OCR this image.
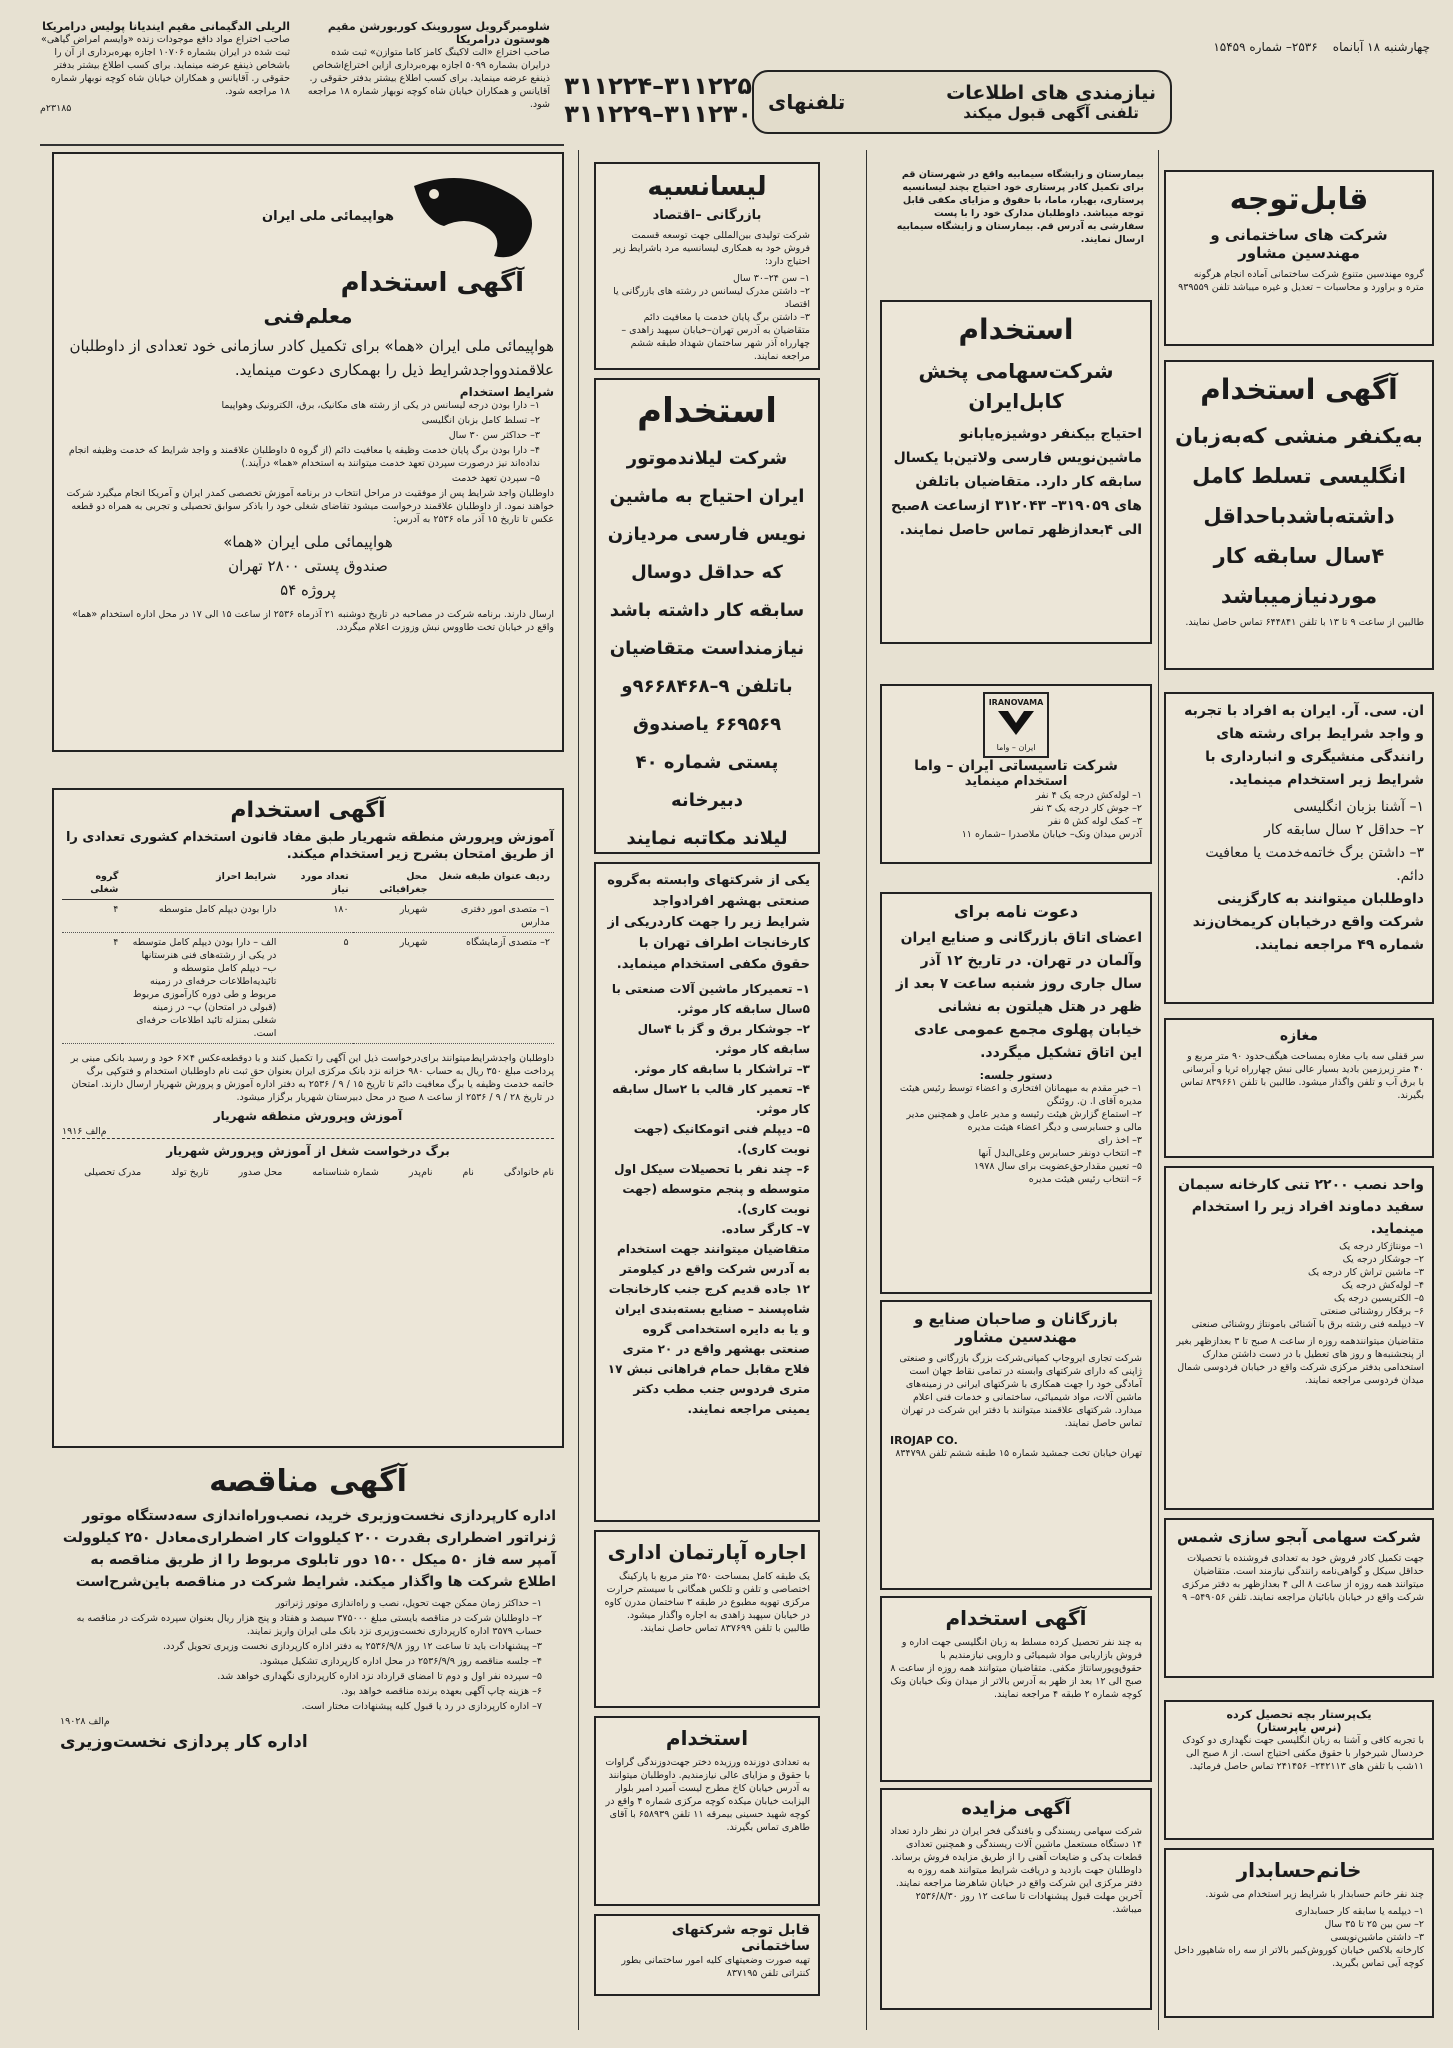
چهارشنبه ۱۸ آبانماه ۲۵۳۶– شماره ۱۵۴۵۹
نیازمندی های اطلاعات
تلفنی آگهی قبول میکند
تلفنهای
۳۱۱۲۲۵–۳۱۱۲۲۴
۳۱۱۲۳۰–۳۱۱۲۲۹
شلومبرگرویل سوروینک کوربورشن مقیم هوستون درامریکا

صاحب اختراع «الت لاکینگ کامز کاما متوازن» ثبت شده درایران بشماره ۵۰۹۹ اجازه بهره‌برداری ازاین اختراع‌اشخاص ذینفع عرضه مینماید. برای کسب اطلاع بیشتر بدفتر حقوقی ر. آقایانس و همکاران خیابان شاه کوچه نوبهار شماره ۱۸ مراجعه شود.

الریلی الدگیمانی مقیم ایندیانا پولیس درامریکا

صاحب اختراع مواد دافع موجودات زنده «وایسم امراض گیاهی» ثبت شده در ایران بشماره ۱۰۷۰۶ اجازه بهره‌برداری از آن را باشخاص ذینفع عرضه مینماید. برای کسب اطلاع بیشتر بدفتر حقوقی ر. آقایانس و همکاران خیابان شاه کوچه نوبهار شماره ۱۸ مراجعه شود.

۲۳۱۸۵م
هواپیمائی ملی ایران
آگهی استخدام
معلم‌فنی

هواپیمائی ملی ایران «هما» برای تکمیل کادر سازمانی خود تعدادی از داوطلبان علاقمندوواجدشرایط ذیل را بهمکاری دعوت مینماید.

شرایط استخدام
۱– دارا بودن درجه لیسانس در یکی از رشته های مکانیک، برق، الکترونیک وهوا‌پیما
۲– تسلط کامل بزبان انگلیسی
۳– حداکثر سن ۳۰ سال
۴– دارا بودن برگ پایان خدمت وظیفه یا معافیت دائم (از گروه ۵ داوطلبان علاقمند و واجد شرایط که خدمت وظیفه انجام نداده‌اند نیز درصورت سپردن تعهد خدمت میتوانند به استخدام «هما» درآیند.)
۵– سپردن تعهد خدمت

داوطلبان واجد شرایط پس از موفقیت در مراحل انتخاب در برنامه آموزش تخصصی کمدر ایران و آمریکا انجام میگیرد شرکت خواهند نمود. از داوطلبان علاقمند درخواست میشود تقاضای شغلی خود را باذکر سوابق تحصیلی و تجربی به همراه دو قطعه عکس تا تاریخ ۱۵ آذر ماه ۲۵۳۶ به آدرس:

هواپیمائی ملی ایران «هما»
صندوق پستی ۲۸۰۰ تهران
پروژه ۵۴

ارسال دارند. برنامه شرکت در مصاحبه در تاریخ دوشنبه ۲۱ آذرماه ۲۵۳۶ از ساعت ۱۵ الی ۱۷ در محل اداره استخدام «هما» واقع در خیابان تخت طاووس نبش وزوزت اعلام میگردد.

آگهی استخدام

آموزش وپرورش منطقه شهریار طبق مفاد قانون استخدام کشوری تعدادی را از طریق امتحان بشرح زیر استخدام میکند.

ردیف عنوان طبقه شغل	محل جغرافیائی	تعداد مورد نیاز	شرایط احراز	گروه شغلی
۱– متصدی امور دفتری مدارس	شهریار	۱۸۰	دارا بودن دیپلم کامل متوسطه	۴
۲– متصدی آزمایشگاه	شهریار	۵	الف – دارا بودن دیپلم کامل متوسطه در یکی از رشته‌های فنی هنرستانها ب– دیپلم کامل متوسطه و تائیدیه‌اطلاعات حرفه‌ای در زمینه مربوط و طی دوره کارآموزی مربوط (قبولی در امتحان) پ– در زمینه شغلی بمنزله تائید اطلاعات حرفه‌ای است.	۴

داوطلبان واجدشرایط‌میتوانند برای‌درخواست ذیل این آگهی را تکمیل کنند و با دوقطعه‌عکس ۴×۶ خود و رسید بانکی مبنی بر پرداخت مبلغ ۳۵۰ ریال به حساب ۹۸۰ خزانه نزد بانک مرکزی ایران بعنوان حق ثبت نام داوطلبان استخدام و فتوکپی برگ خاتمه خدمت وظیفه یا برگ معافیت دائم تا تاریخ ۱۵ / ۹ / ۲۵۳۶ به دفتر اداره آموزش و پرورش شهریار ارسال دارند. امتحان در تاریخ ۲۸ / ۹ / ۲۵۳۶ از ساعت ۸ صبح در محل دبیرستان شهریار برگزار میشود.

آموزش وپرورش منطقه شهریار
م‌الف ۱۹۱۶
برگ درخواست شغل از آموزش وپرورش شهریار
نام خانوادگی
نام
نام‌پدر
شماره شناسنامه
محل صدور
تاریخ تولد
مدرک تحصیلی
آگهی مناقصه

اداره کارپردازی نخست‌وزیری خرید، نصب‌وراه‌اندازی سه‌دستگاه موتور ژنراتور اضطراری بقدرت ۲۰۰ کیلووات کار اضطراری‌معادل ۲۵۰ کیلوولت آمپر سه فاز ۵۰ میکل ۱۵۰۰ دور تابلوی مربوط را از طریق مناقصه به اطلاع شرکت ها واگذار میکند. شرایط شرکت در مناقصه باین‌شرح‌است

۱– حداکثر زمان ممکن جهت تحویل، نصب و راه‌اندازی موتور ژنراتور
۲– داوطلبان شرکت در مناقصه بایستی مبلغ ۳۷۵۰۰۰ سیصد و هفتاد و پنج هزار ریال بعنوان سپرده شرکت در مناقصه به حساب ۳۵۷۹ اداره کارپردازی نخست‌وزیری نزد بانک ملی ایران واریز نمایند.
۳– پیشنهادات باید تا ساعت ۱۲ روز ۲۵۳۶/۹/۸ به دفتر اداره کارپردازی نخست وزیری تحویل گردد.
۴– جلسه مناقصه روز ۲۵۳۶/۹/۹ در محل اداره کارپردازی تشکیل میشود.
۵– سپرده نفر اول و دوم تا امضای قرارداد نزد اداره کارپردازی نگهداری خواهد شد.
۶– هزینه چاپ آگهی بعهده برنده مناقصه خواهد بود.
۷– اداره کارپردازی در رد یا قبول کلیه پیشنهادات مختار است.
م‌الف ۱۹۰۲۸
اداره کار پردازی نخست‌وزیری
لیسانسیه
بازرگانی –اقتصاد

شرکت تولیدی بین‌المللی جهت توسعه قسمت فروش خود به همکاری لیسانسیه مرد باشرایط زیر احتیاج دارد:

۱– سن ۲۴–۳۰ سال
۲– داشتن مدرک لیسانس در رشته های بازرگانی یا اقتصاد
۳– داشتن برگ پایان خدمت یا معافیت دائم

متقاضیان به آدرس تهران–خیابان سپهبد زاهدی – چهارراه آذر شهر ساختمان شهداد طبقه ششم مراجعه نمایند.

استخدام
شرکت لیلاندموتور
ایران احتیاج به ماشین
نویس فارسی مردیازن
که حداقل دوسال
سابقه کار داشته باشد
نیازمنداست متقاضیان
باتلفن ۹–۹۶۶۸۴۶۸و
۶۶۹۵۶۹ یاصندوق
پستی شماره ۴۰ دبیرخانه
لیلاند مکاتبه نمایند

یکی از شرکتهای وابسته به‌گروه صنعتی بهشهر افرادواجد شرایط زیر را جهت کاردریکی از کارخانجات اطراف تهران با حقوق مکفی استخدام مینماید.

۱– تعمیرکار ماشین آلات صنعتی با ۵سال سابقه کار موثر.
۲– جوشکار برق و گز با ۴سال سابقه کار موثر.
۳– تراشکار با سابقه کار موثر.
۴– تعمیر کار قالب با ۲سال سابقه کار موثر.
۵– دیپلم فنی اتومکانیک (جهت نوبت کاری).
۶– چند نفر با تحصیلات سیکل اول متوسطه و پنجم متوسطه (جهت نوبت کاری).
۷– کارگر ساده.

متقاضیان میتوانند جهت استخدام به آدرس شرکت واقع در کیلومتر ۱۲ جاده قدیم کرج جنب کارخانجات شاه‌پسند – صنایع بسته‌بندی ایران و یا به دایره استخدامی گروه صنعتی بهشهر واقع در ۲۰ متری فلاح مقابل حمام فراهانی نبش ۱۷ متری فردوس جنب مطب دکتر یمینی مراجعه نمایند.

اجاره آپارتمان اداری

یک طبقه کامل بمساحت ۲۵۰ متر مربع با پارکینگ اختصاصی و تلفن و تلکس همگانی با سیستم حرارت مرکزی تهویه مطبوع در طبقه ۳ ساختمان مدرن کاوه در خیابان سپهبد زاهدی به اجاره واگذار میشود. طالبین با تلفن ۸۳۷۶۹۹ تماس حاصل نمایند.

استخدام

به تعدادی دوزنده ورزیده دختر جهت‌دوزندگی گراوات با حقوق و مزایای عالی نیازمندیم. داوطلبان میتوانند به آدرس خیابان کاخ مطرح لیست آمیرد امیر بلوار الیزابت خیابان میکده کوچه مرکزی شماره ۴ واقع در کوچه شهید حسینی بیمرقه ۱۱ تلفن ۶۵۸۹۳۹ با آقای طاهری تماس بگیرند.

قابل توجه شرکتهای ساختمانی

تهیه صورت وضعیتهای کلیه امور ساختمانی بطور کنتراتی تلفن ۸۳۷۱۹۵

بیمارستان و زایشگاه سیمابیه واقع در شهرستان قم برای تکمیل کادر پرستاری خود احتیاج بچند لیسانسیه پرستاری، بهیار، ماما، با حقوق و مزایای مکفی قابل توجه میباشد. داوطلبان مدارک خود را با پست سفارشی به آدرس قم. بیمارستان و زایشگاه سیمابیه ارسال نمایند.

استخدام
شرکت‌سهامی پخش کابل‌ایران

احتیاج بیکنفر دوشیزه‌یابانو ماشین‌نویس فارسی ولاتین‌با یکسال سابقه کار دارد. متقاضیان باتلفن های ۳۱۹۰۵۹– ۳۱۲۰۴۳ ازساعت ۸صبح الی ۴بعدازظهر تماس حاصل نمایند.

IRANOVAMA
ایران – واما
شرکت تاسیساتی ایران – واما
استخدام مینماید
۱– لوله‌کش درجه یک ۴ نفر
۲– جوش کار درجه یک ۳ نفر
۳– کمک لوله کش ۵ نفر
آدرس میدان ونک– خیابان ملاصدرا –شماره ۱۱
دعوت نامه برای

اعضای اتاق بازرگانی و صنایع ایران وآلمان در تهران. در تاریخ ۱۲ آذر سال جاری روز شنبه ساعت ۷ بعد از ظهر در هتل هیلتون به نشانی خیابان پهلوی مجمع عمومی عادی این اتاق تشکیل میگردد.

دستور جلسه:
۱– خیر مقدم به میهمانان افتخاری و اعضاء توسط رئیس هیئت مدیره آقای ا. ن. روئنگن
۲– استماع گزارش هیئت رئیسه و مدیر عامل و همچنین مدیر مالی و حسابرسی و دیگر اعضاء هیئت مدیره
۳– اخذ رای
۴– انتخاب دونفر حسابرس وعلی‌البدل آنها
۵– تعیین مقدارحق‌عضویت برای سال ۱۹۷۸
۶– انتخاب رئیس هیئت مدیره
بازرگانان و صاحبان صنایع و مهندسین مشاور

شرکت تجاری ایروجاپ کمپانی‌شرکت بزرگ بازرگانی و صنعتی ژاپنی که دارای شرکتهای وابسته در تمامی نقاط جهان است آمادگی خود را جهت همکاری با شرکتهای ایرانی در زمینه‌های ماشین آلات، مواد شیمیائی، ساختمانی و خدمات فنی اعلام میدارد. شرکتهای علاقمند میتوانند با دفتر این شرکت در تهران تماس حاصل نمایند.

IROJAP CO.
تهران خیابان تخت جمشید شماره ۱۵ طبقه ششم تلفن ۸۳۴۷۹۸
آگهی استخدام

به چند نفر تحصیل کرده مسلط به زبان انگلیسی جهت اداره و فروش بازاریابی مواد شیمیائی و دارویی نیازمندیم با حقوق‌وپورسانتاژ مکفی. متقاضیان میتوانند همه روزه از ساعت ۸ صبح الی ۱۲ بعد از ظهر به آدرس بالاتر از میدان ونک خیابان ونک کوچه شماره ۲ طبقه ۴ مراجعه نمایند.

آگهی مزایده

شرکت سهامی ریسندگی و بافندگی فخر ایران در نظر دارد تعداد ۱۴ دستگاه مستعمل ماشین آلات ریسندگی و همچنین تعدادی قطعات یدکی و ضایعات آهنی را از طریق مزایده فروش برساند. داوطلبان جهت بازدید و دریافت شرایط میتوانند همه روزه به دفتر مرکزی این شرکت واقع در خیابان شاهرضا مراجعه نمایند. آخرین مهلت قبول پیشنهادات تا ساعت ۱۲ روز ۲۵۳۶/۸/۳۰ میباشد.

قابل‌توجه
شرکت های ساختمانی و مهندسین مشاور

گروه مهندسین متنوع شرکت ساختمانی آماده انجام هرگونه متره و براورد و محاسبات – تعدیل و غیره میباشد تلفن ۹۳۹۵۵۹

آگهی استخدام
به‌یکنفر منشی که‌به‌زبان
انگلیسی تسلط کامل
داشته‌باشدباحداقل
۴سال سابقه کار
موردنیازمیباشد

طالبین از ساعت ۹ تا ۱۳ با تلفن ۶۴۴۸۴۱ تماس حاصل نمایند.

ان. سی. آر. ایران به افراد با تجربه و واجد شرایط برای رشته های رانندگی منشیگری و انبارداری با شرایط زیر استخدام مینماید.

۱– آشنا بزبان انگلیسی
۲– حداقل ۲ سال سابقه کار
۳– داشتن برگ خاتمه‌خدمت یا معافیت دائم.

داوطلبان میتوانند به کارگزینی شرکت واقع درخیابان کریمخان‌زند شماره ۴۹ مراجعه نمایند.

مغازه

سر قفلی سه باب مغازه بمساحت هیگف‌حدود ۹۰ متر مربع و ۴۰ متر زیرزمین بادید بسیار عالی نبش چهارراه ثریا و آبرسانی با برق آب و تلفن واگذار میشود. طالبین با تلفن ۸۳۹۶۶۱ تماس بگیرند.

واحد نصب ۲۲۰۰ تنی کارخانه سیمان سفید دماوند افراد زیر را استخدام مینماید.
۱– مونتاژکار درجه یک
۲– جوشکار درجه یک
۳– ماشین تراش کار درجه یک
۴– لوله‌کش درجه یک
۵– الکتریسین درجه یک
۶– برقکار روشنائی صنعتی
۷– دیپلمه فنی رشته برق با آشنائی بامونتاژ روشنائی صنعتی

متقاضیان میتوانندهمه روزه از ساعت ۸ صبح تا ۳ بعدازظهر بغیر از پنجشنبه‌ها و روز های تعطیل با در دست داشتن مدارک استخدامی بدفتر مرکزی شرکت واقع در خیابان فردوسی شمال میدان فردوسی مراجعه نمایند.

شرکت سهامی آبجو سازی شمس

جهت تکمیل کادر فروش خود به تعدادی فروشنده با تحصیلات حداقل سیکل و گواهی‌نامه رانندگی نیازمند است. متقاضیان میتوانند همه روزه از ساعت ۸ الی ۴ بعدازظهر به دفتر مرکزی شرکت واقع در خیابان بابائیان مراجعه نمایند. تلفن ۵۴۹۰۵۶– ۹

یک‌پرستار بچه تحصیل کرده
(نرس یاپرستار)

با تجربه کافی و آشنا به زبان انگلیسی جهت نگهداری دو کودک خردسال شیرخوار با حقوق مکفی احتیاج است. از ۸ صبح الی ۱۱شب با تلفن های ۲۴۲۱۱۳– ۲۴۱۴۵۶ تماس حاصل فرمائید.

خانم‌حسابدار

چند نفر خانم حسابدار با شرایط زیر استخدام می شوند.

۱– دیپلمه یا سابقه کار حسابداری
۲– سن بین ۲۵ تا ۳۵ سال
۳– داشتن ماشین‌نویسی

کارخانه بلاکس خیابان کوروش‌کبیر بالاتر از سه راه شاهپور داخل کوچه آیی تماس بگیرید.
